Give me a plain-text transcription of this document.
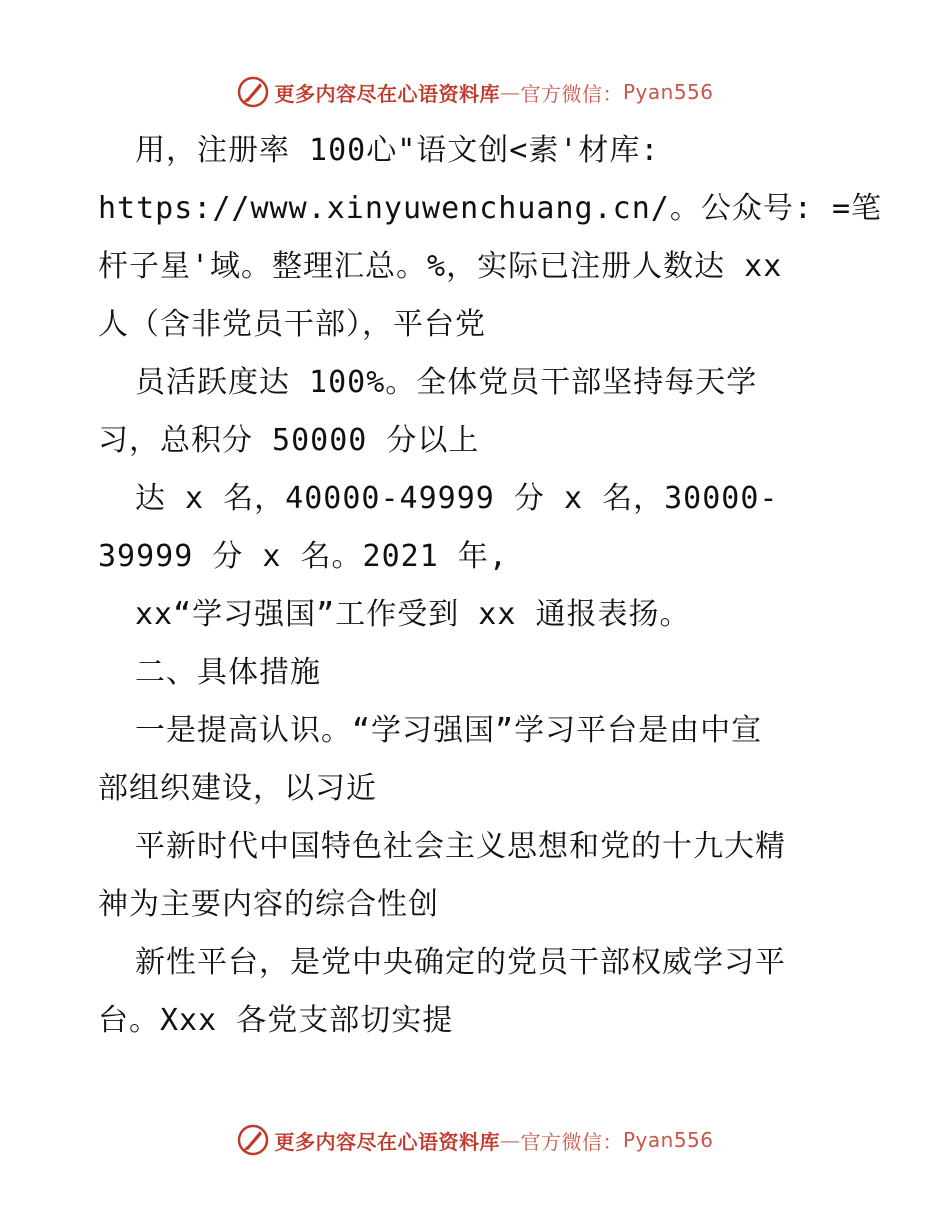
更多内容尽在心语资料库 — 官方微信： Pyan556
用，注册率 100心"语文创<素'材库:
https://www.xinyuwenchuang.cn/。公众号: =笔
杆子星'域。整理汇总。%，实际已注册人数达 xx
人（含非党员干部），平台党
员活跃度达 100%。全体党员干部坚持每天学
习，总积分 50000 分以上
达 x 名，40000-49999 分 x 名，30000-
39999 分 x 名。2021 年,
xx“学习强国”工作受到 xx 通报表扬。
二、具体措施
一是提高认识。“学习强国”学习平台是由中宣
部组织建设，以习近
平新时代中国特色社会主义思想和党的十九大精
神为主要内容的综合性创
新性平台，是党中央确定的党员干部权威学习平
台。Xxx 各党支部切实提
更多内容尽在心语资料库 — 官方微信： Pyan556
